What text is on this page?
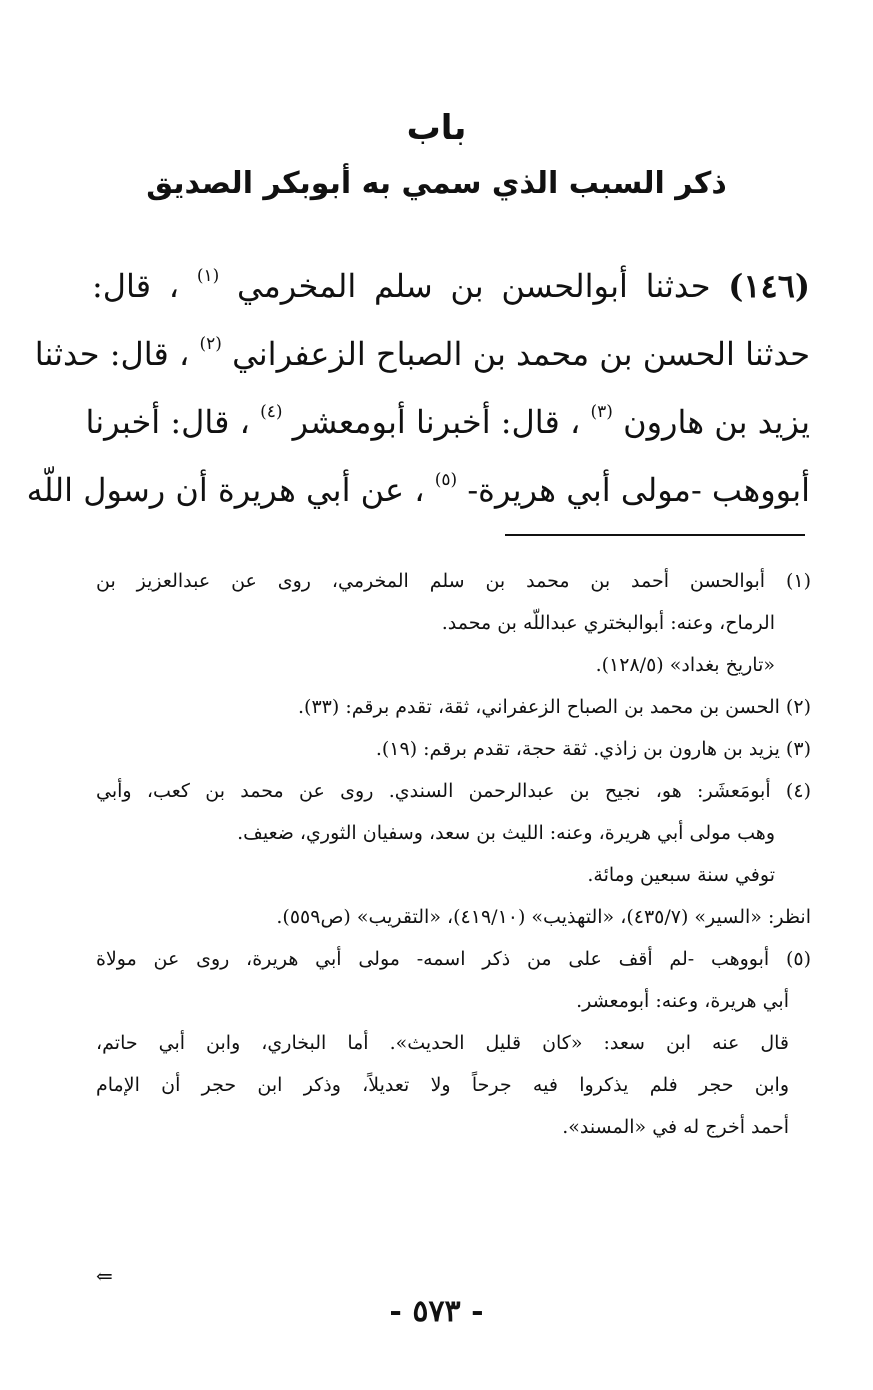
باب
ذكر السبب الذي سمي به أبوبكر الصديق
(١٤٦) حدثنا أبوالحسن بن سلم المخرمي $^{(١)}$ ، قال:
حدثنا الحسن بن محمد بن الصباح الزعفراني $^{(٢)}$ ، قال: حدثنا
يزيد بن هارون $^{(٣)}$ ، قال: أخبرنا أبومعشر $^{(٤)}$ ، قال: أخبرنا
أبووهب -مولى أبي هريرة- $^{(٥)}$ ، عن أبي هريرة أن رسول اللّه
(١) أبوالحسن أحمد بن محمد بن سلم المخرمي، روى عن عبدالعزيز بن
الرماح، وعنه: أبوالبختري عبداللّه بن محمد.
«تاريخ بغداد» (١٢٨/٥).
(٢) الحسن بن محمد بن الصباح الزعفراني، ثقة، تقدم برقم: (٣٣).
(٣) يزيد بن هارون بن زاذي. ثقة حجة، تقدم برقم: (١٩).
(٤) أبومَعشَر: هو، نجيح بن عبدالرحمن السندي. روى عن محمد بن كعب، وأبي
وهب مولى أبي هريرة، وعنه: الليث بن سعد، وسفيان الثوري، ضعيف.
توفي سنة سبعين ومائة.
انظر: «السير» (٤٣٥/٧)، «التهذيب» (٤١٩/١٠)، «التقريب» (ص٥٥٩).
(٥) أبووهب -لم أقف على من ذكر اسمه- مولى أبي هريرة، روى عن مولاة
أبي هريرة، وعنه: أبومعشر.
قال عنه ابن سعد: «كان قليل الحديث». أما البخاري، وابن أبي حاتم،
وابن حجر فلم يذكروا فيه جرحاً ولا تعديلاً، وذكر ابن حجر أن الإمام
أحمد أخرج له في «المسند».
⇐
- ٥٧٣ -
